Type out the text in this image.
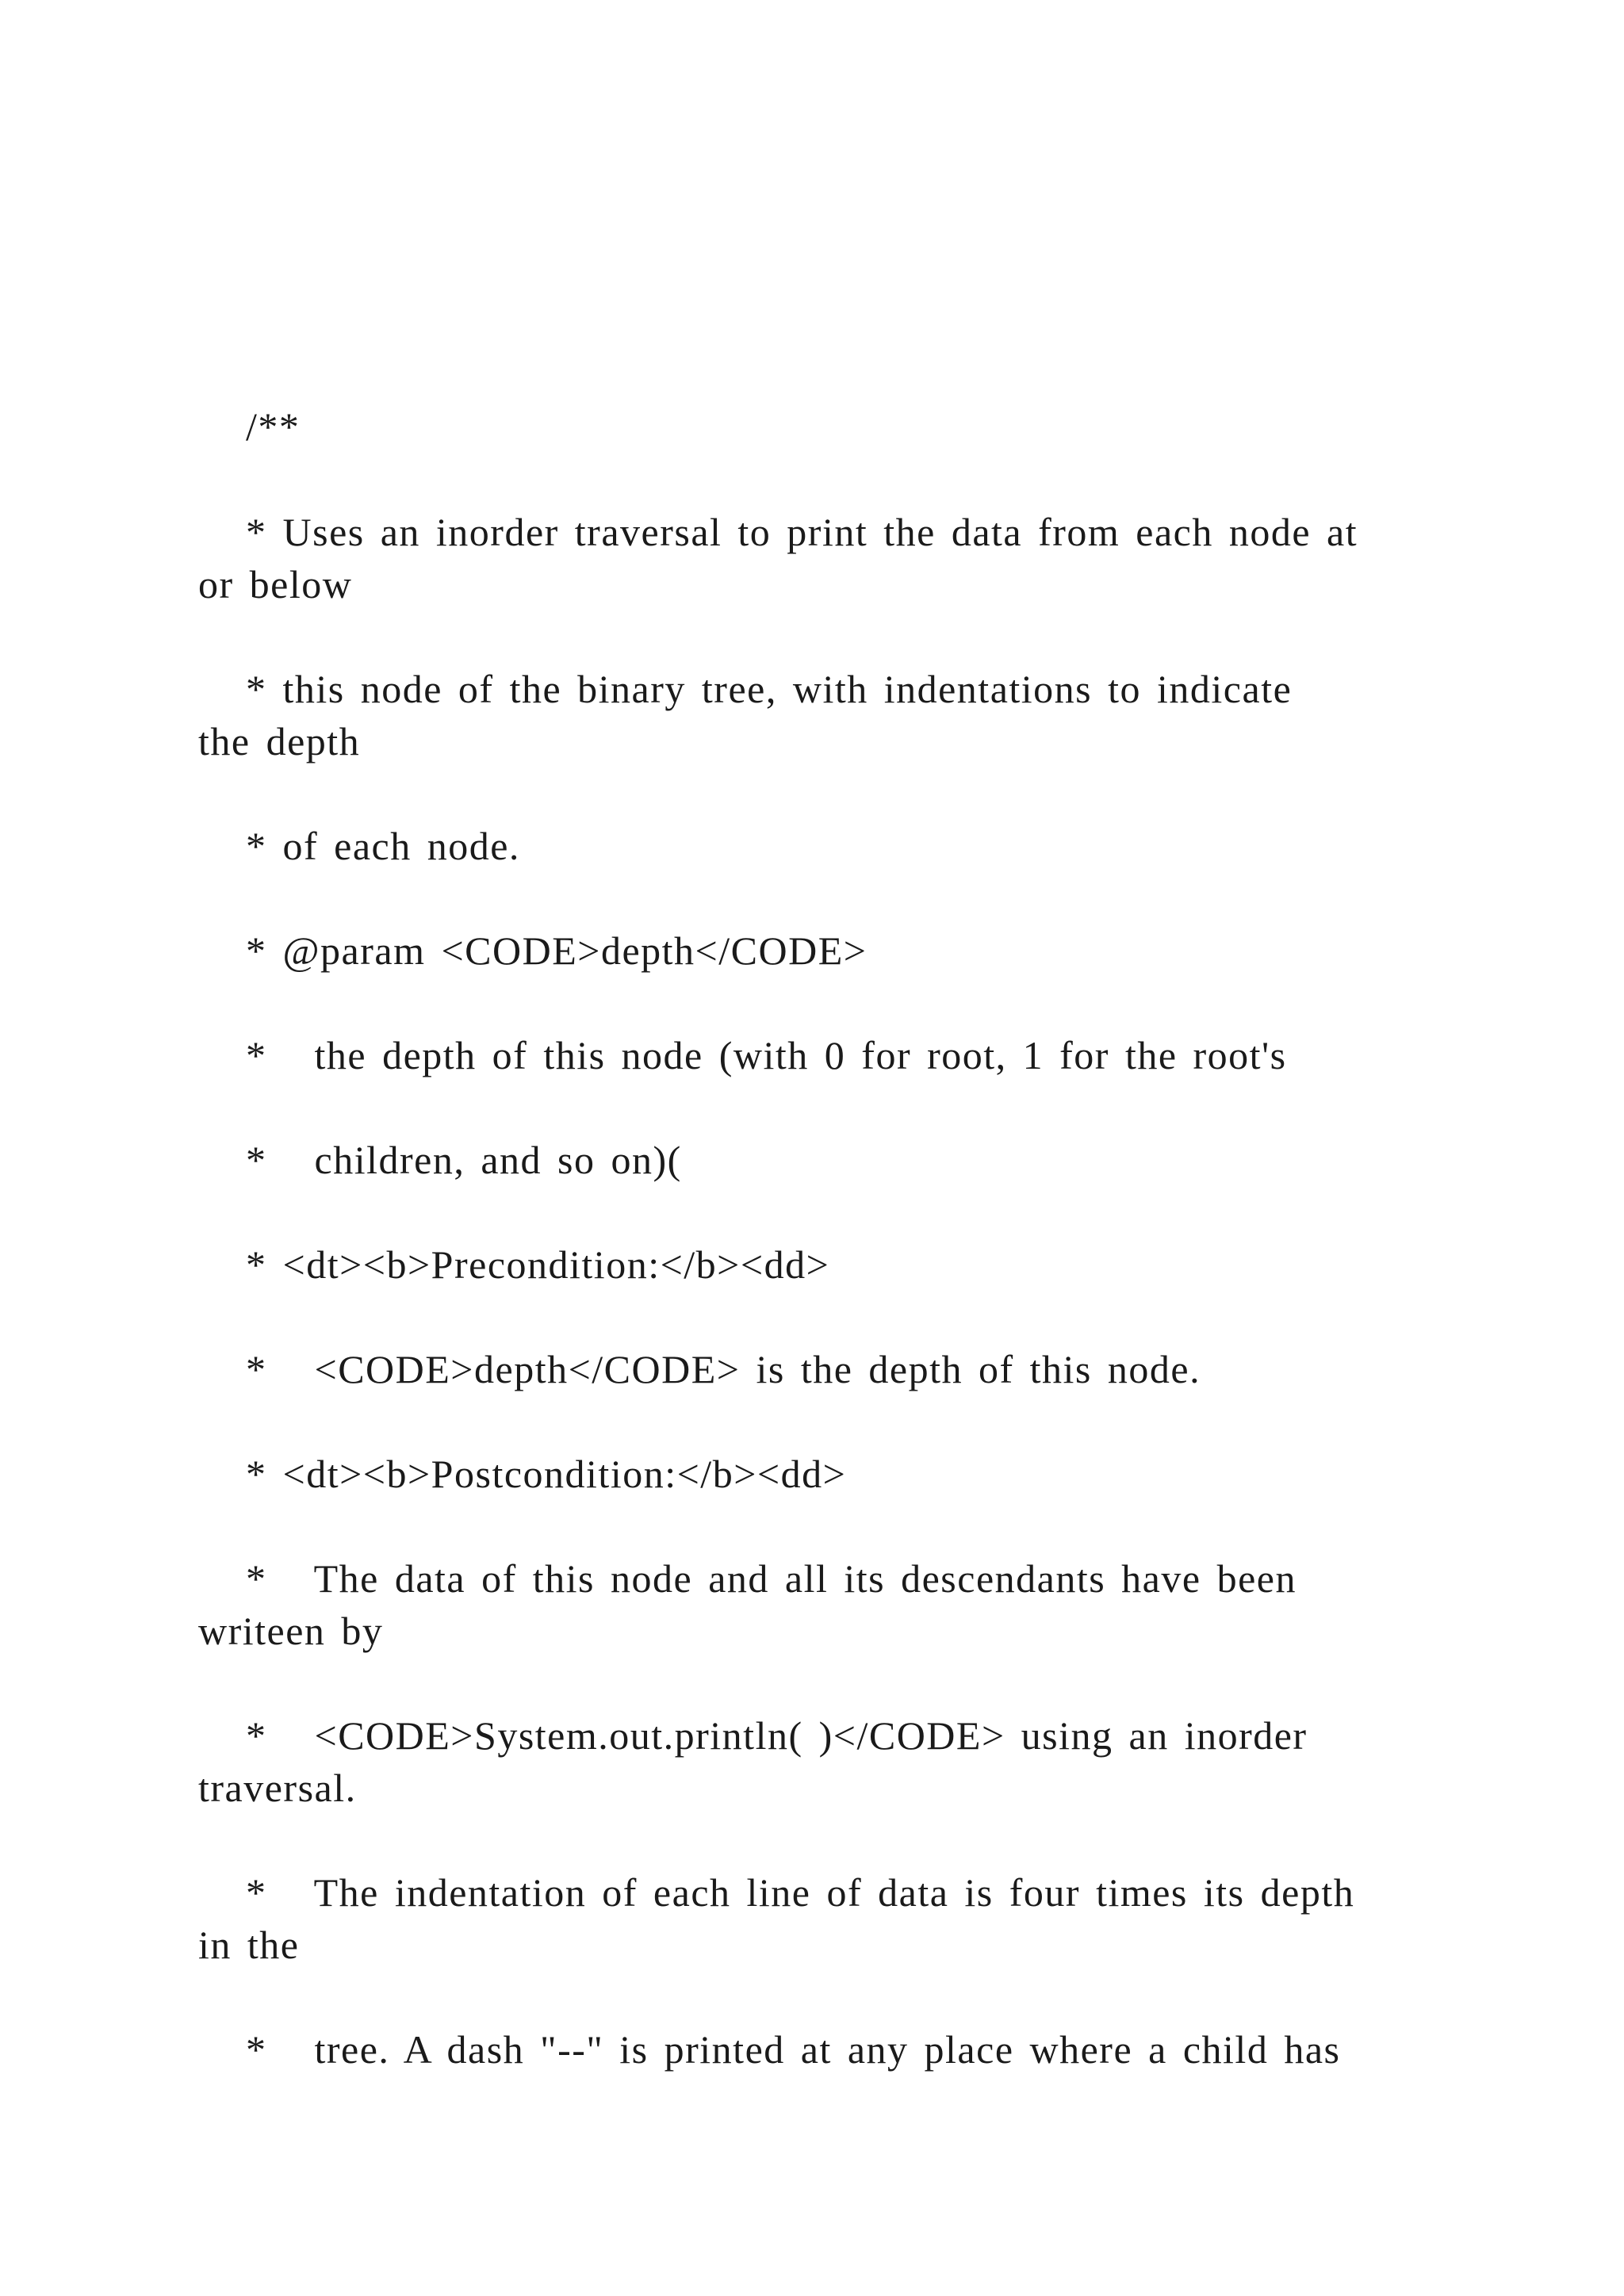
/**

* Uses an inorder traversal to print the data from each node at
or below

* this node of the binary tree, with indentations to indicate
the depth

* of each node.

* @param <CODE>depth</CODE>

*   the depth of this node (with 0 for root, 1 for the root's

*   children, and so on)(

* <dt><b>Precondition:</b><dd>

*   <CODE>depth</CODE> is the depth of this node.

* <dt><b>Postcondition:</b><dd>

*   The data of this node and all its descendants have been
writeen by

*   <CODE>System.out.println( )</CODE> using an inorder
traversal.

*   The indentation of each line of data is four times its depth
in the

*   tree. A dash "--" is printed at any place where a child has
